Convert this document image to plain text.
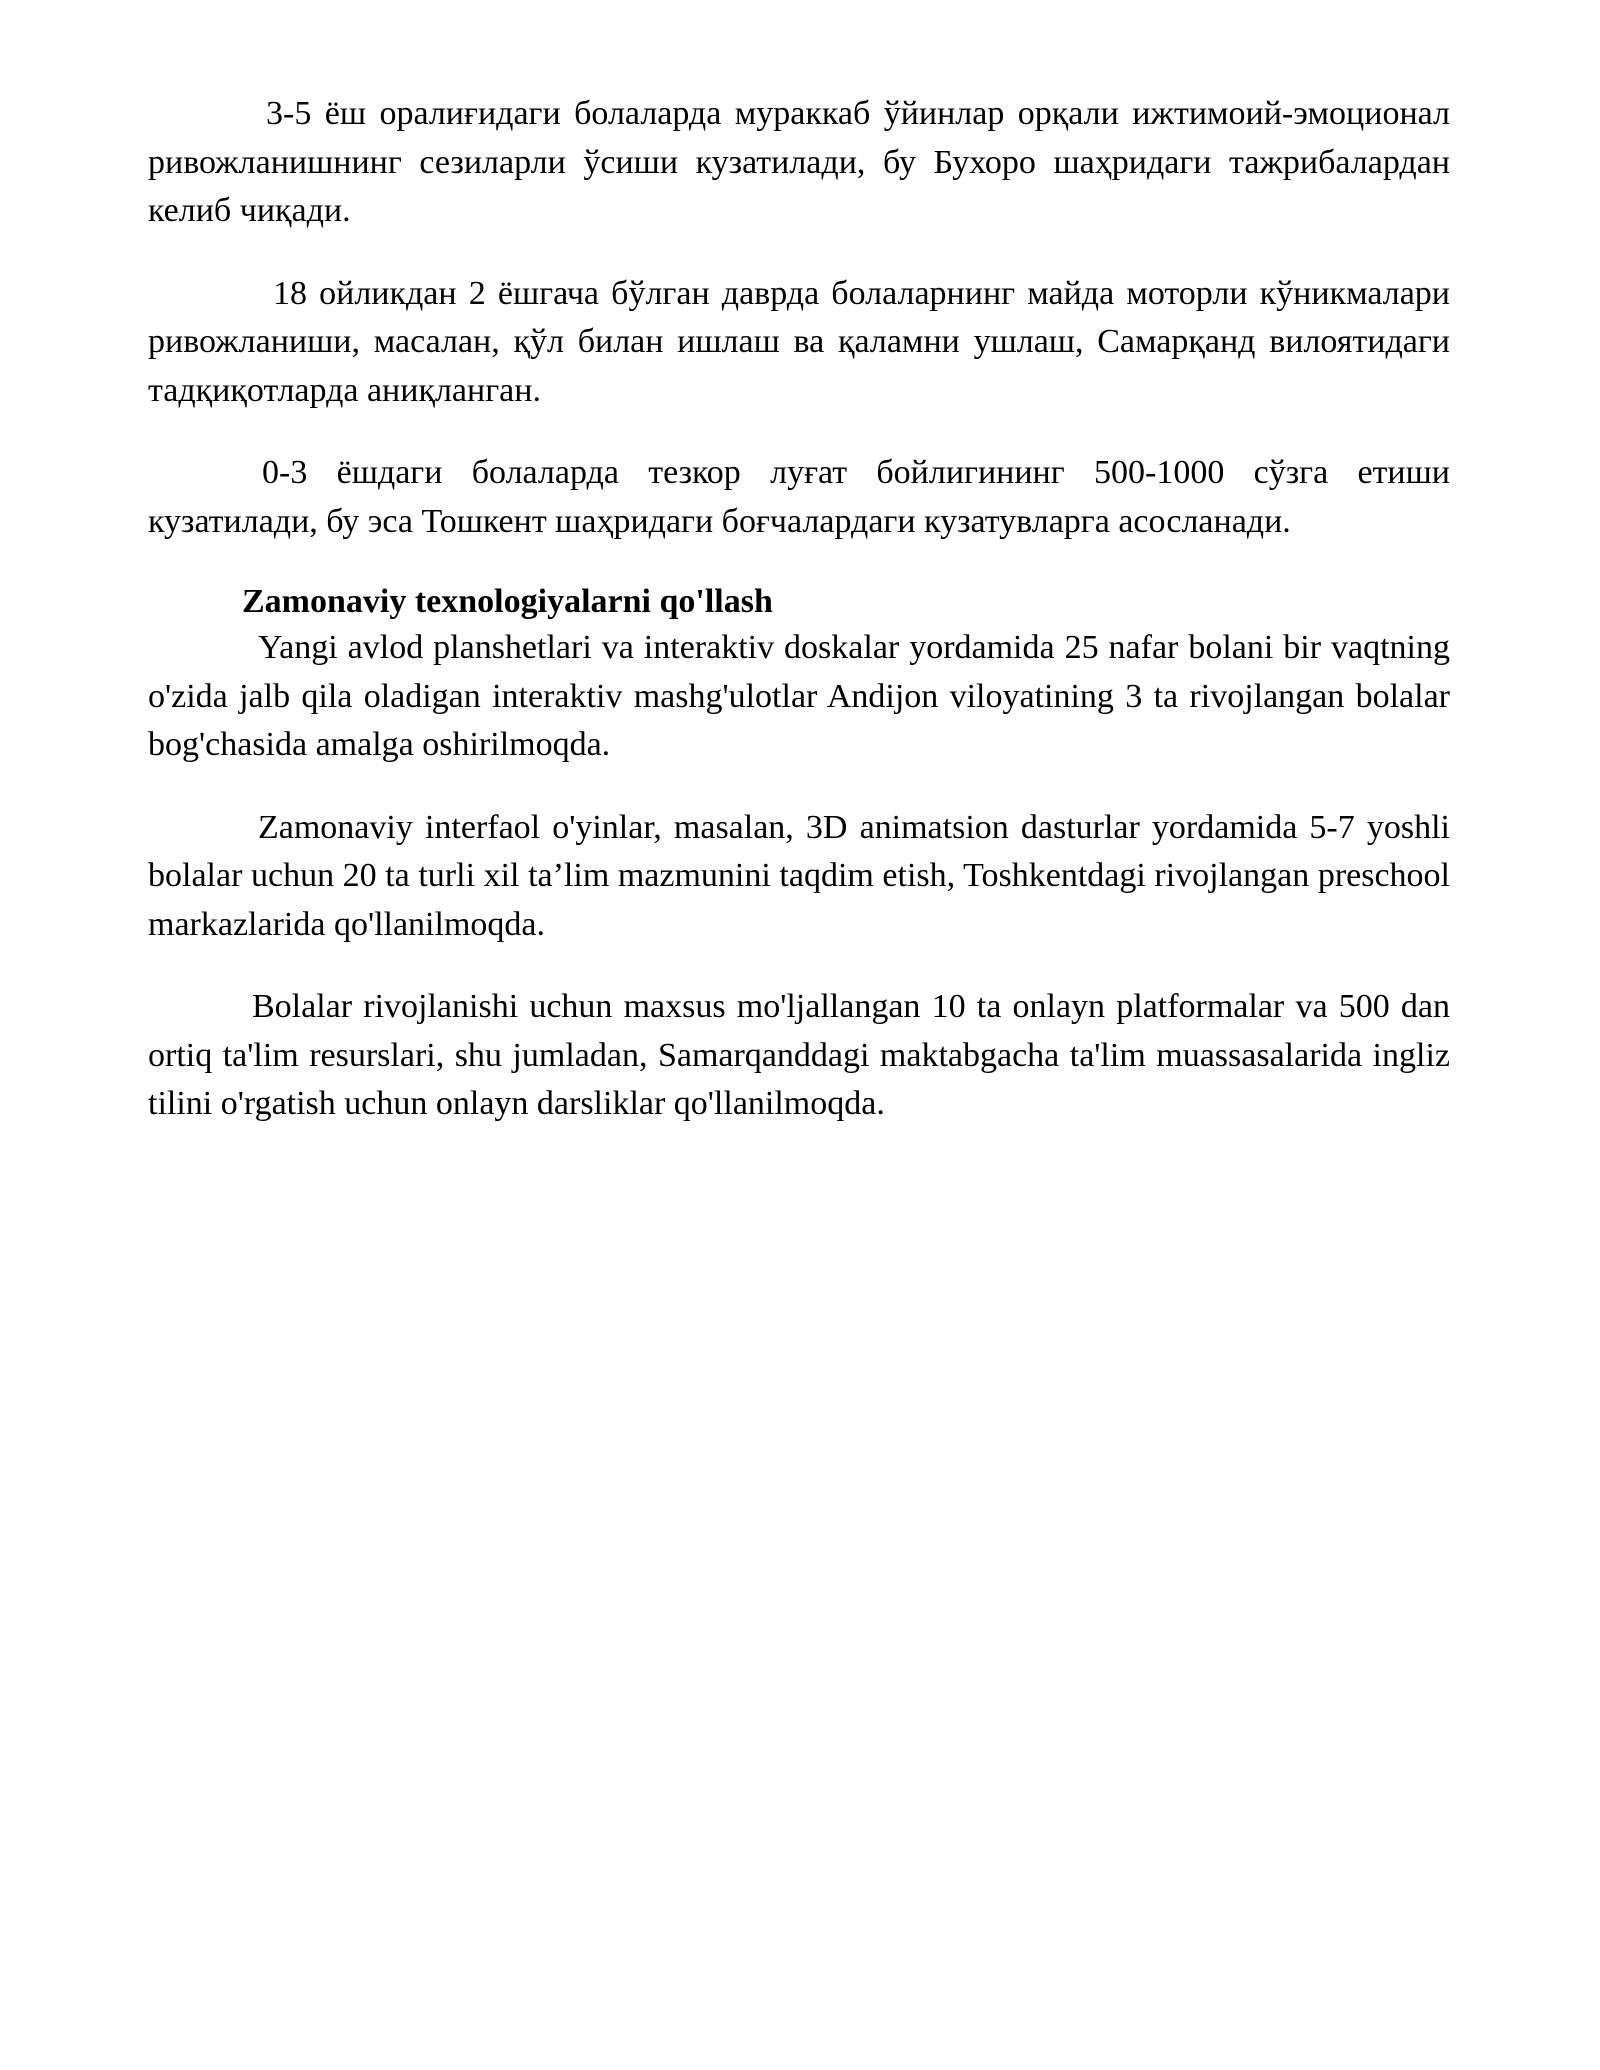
3-5 ёш оралиғидаги болаларда мураккаб ўйинлар орқали ижтимоий-эмоционал ривожланишнинг сезиларли ўсиши кузатилади, бу Бухоро шаҳридаги тажрибалардан келиб чиқади.

18 ойликдан 2 ёшгача бўлган даврда болаларнинг майда моторли кўникмалари ривожланиши, масалан, қўл билан ишлаш ва қаламни ушлаш, Самарқанд вилоятидаги тадқиқотларда аниқланган.

0-3 ёшдаги болаларда тезкор луғат бойлигининг 500-1000 сўзга етиши кузатилади, бу эса Тошкент шаҳридаги боғчалардаги кузатувларга асосланади.

Zamonaviy texnologiyalarni qo'llash

Yangi avlod planshetlari va interaktiv doskalar yordamida 25 nafar bolani bir vaqtning o'zida jalb qila oladigan interaktiv mashg'ulotlar Andijon viloyatining 3 ta rivojlangan bolalar bog'chasida amalga oshirilmoqda.

Zamonaviy interfaol o'yinlar, masalan, 3D animatsion dasturlar yordamida 5-7 yoshli bolalar uchun 20 ta turli xil ta’lim mazmunini taqdim etish, Toshkentdagi rivojlangan preschool markazlarida qo'llanilmoqda.

Bolalar rivojlanishi uchun maxsus mo'ljallangan 10 ta onlayn platformalar va 500 dan ortiq ta'lim resurslari, shu jumladan, Samarqanddagi maktabgacha ta'lim muassasalarida ingliz tilini o'rgatish uchun onlayn darsliklar qo'llanilmoqda.
